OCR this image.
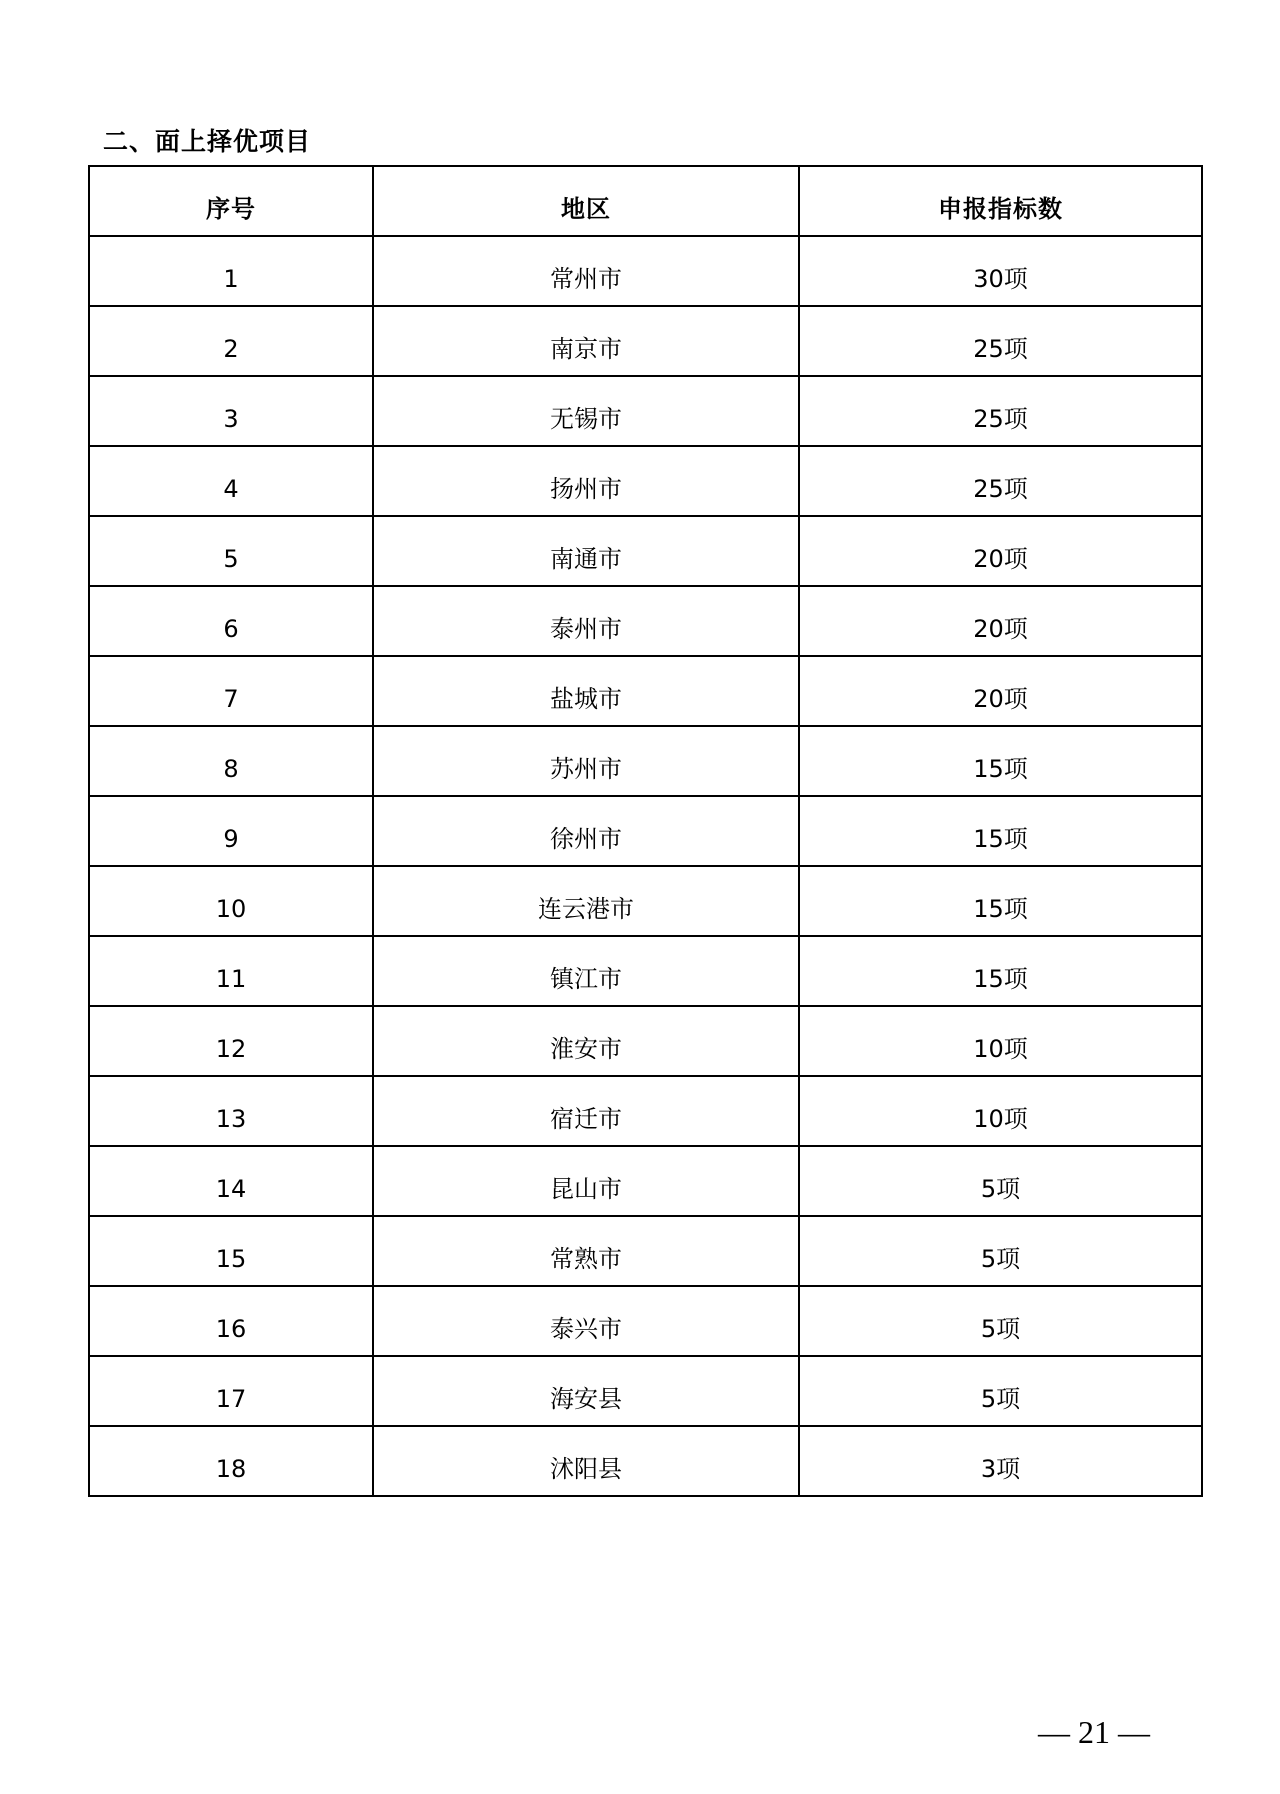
二、面上择优项目
序号	地区	申报指标数
1	常州市	30项
2	南京市	25项
3	无锡市	25项
4	扬州市	25项
5	南通市	20项
6	泰州市	20项
7	盐城市	20项
8	苏州市	15项
9	徐州市	15项
10	连云港市	15项
11	镇江市	15项
12	淮安市	10项
13	宿迁市	10项
14	昆山市	5项
15	常熟市	5项
16	泰兴市	5项
17	海安县	5项
18	沭阳县	3项
— 21 —
